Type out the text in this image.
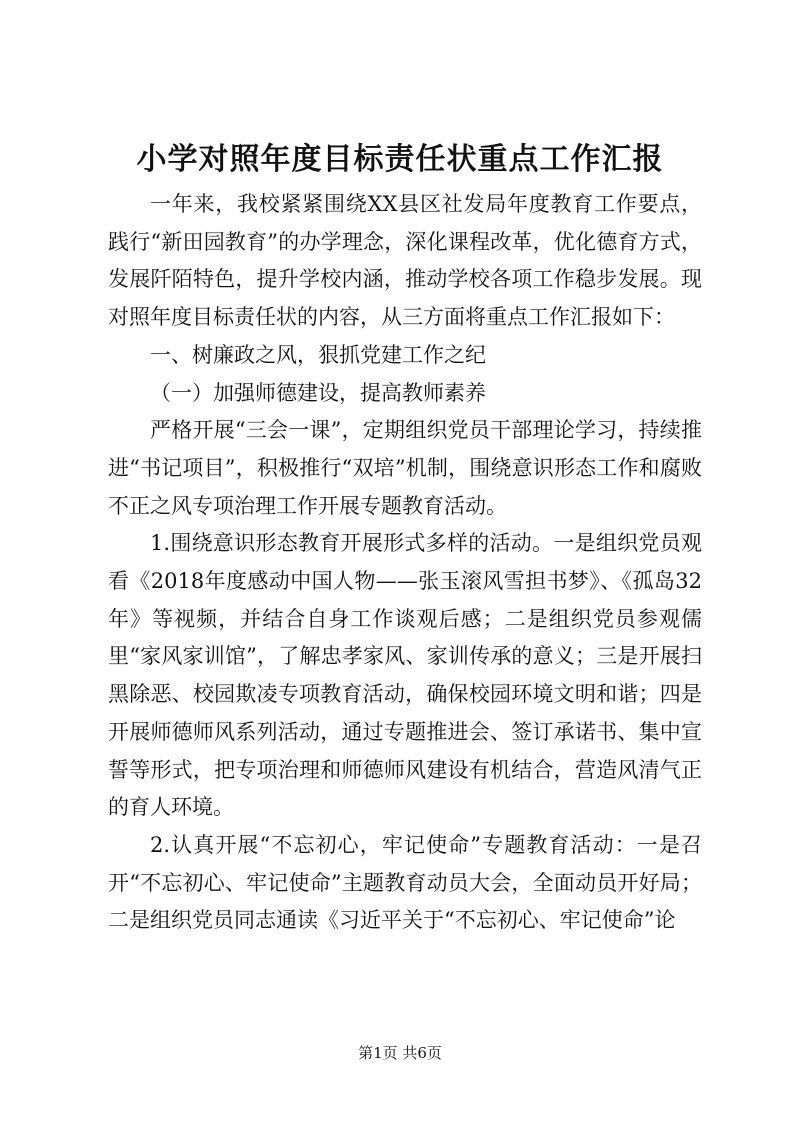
小学对照年度目标责任状重点工作汇报

一年来，我校紧紧围绕XX县区社发局年度教育工作要点，践行“新田园教育”的办学理念，深化课程改革，优化德育方式，发展阡陌特色，提升学校内涵，推动学校各项工作稳步发展。现对照年度目标责任状的内容，从三方面将重点工作汇报如下：

一、树廉政之风，狠抓党建工作之纪

（一）加强师德建设，提高教师素养

严格开展“三会一课”，定期组织党员干部理论学习，持续推进“书记项目”，积极推行“双培”机制，围绕意识形态工作和腐败不正之风专项治理工作开展专题教育活动。

1.围绕意识形态教育开展形式多样的活动。一是组织党员观看《2018年度感动中国人物——张玉滚风雪担书梦》、《孤岛32年》等视频，并结合自身工作谈观后感；二是组织党员参观儒里“家风家训馆”，了解忠孝家风、家训传承的意义；三是开展扫黑除恶、校园欺凌专项教育活动，确保校园环境文明和谐；四是开展师德师风系列活动，通过专题推进会、签订承诺书、集中宣誓等形式，把专项治理和师德师风建设有机结合，营造风清气正的育人环境。

2.认真开展“不忘初心，牢记使命”专题教育活动：一是召开“不忘初心、牢记使命”主题教育动员大会，全面动员开好局；二是组织党员同志通读《习近平关于“不忘初心、牢记使命”论

第1页 共6页
